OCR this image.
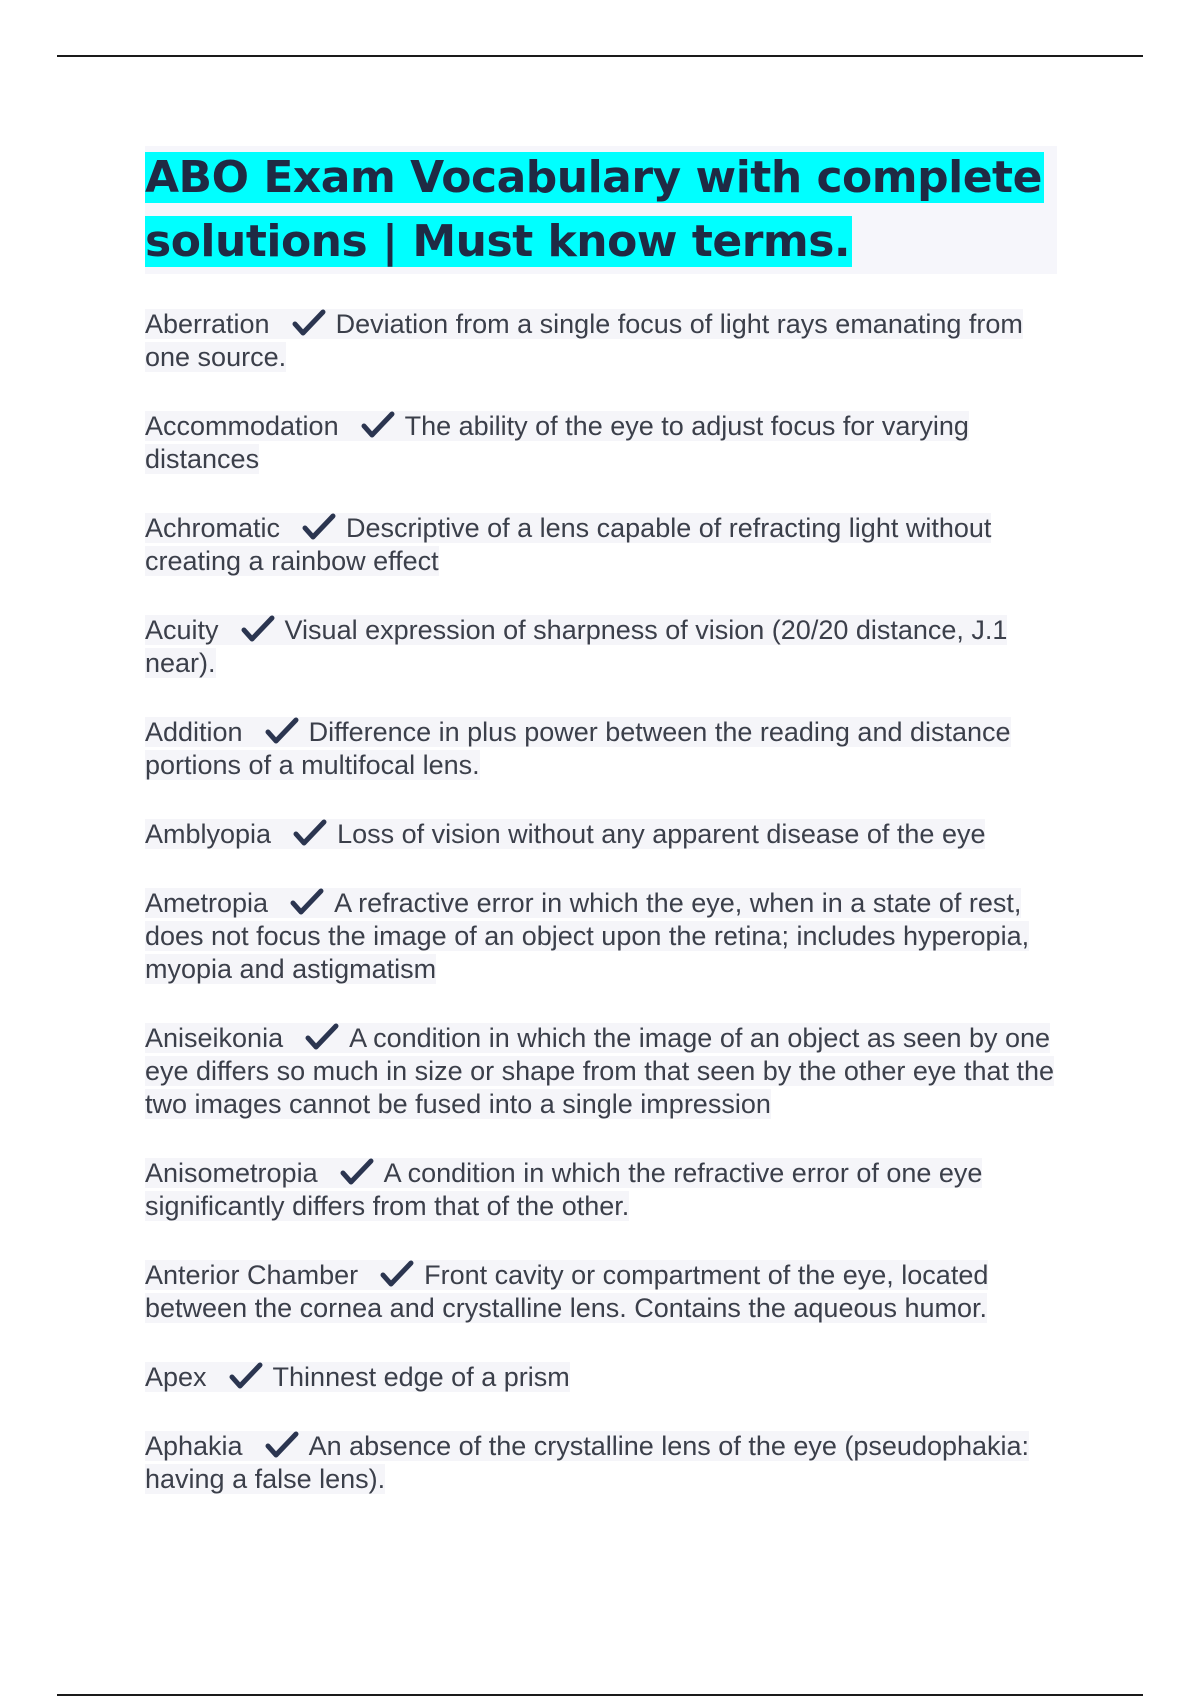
ABO Exam Vocabulary with complete solutions | Must know terms.

Aberration Deviation from a single focus of light rays emanating from one source.

Accommodation The ability of the eye to adjust focus for varying distances

Achromatic Descriptive of a lens capable of refracting light without creating a rainbow effect

Acuity Visual expression of sharpness of vision (20/20 distance, J.1 near).

Addition Difference in plus power between the reading and distance portions of a multifocal lens.

Amblyopia Loss of vision without any apparent disease of the eye

Ametropia A refractive error in which the eye, when in a state of rest, does not focus the image of an object upon the retina; includes hyperopia, myopia and astigmatism

Aniseikonia A condition in which the image of an object as seen by one eye differs so much in size or shape from that seen by the other eye that the two images cannot be fused into a single impression

Anisometropia A condition in which the refractive error of one eye significantly differs from that of the other.

Anterior Chamber Front cavity or compartment of the eye, located between the cornea and crystalline lens. Contains the aqueous humor.

Apex Thinnest edge of a prism

Aphakia An absence of the crystalline lens of the eye (pseudophakia: having a false lens).
